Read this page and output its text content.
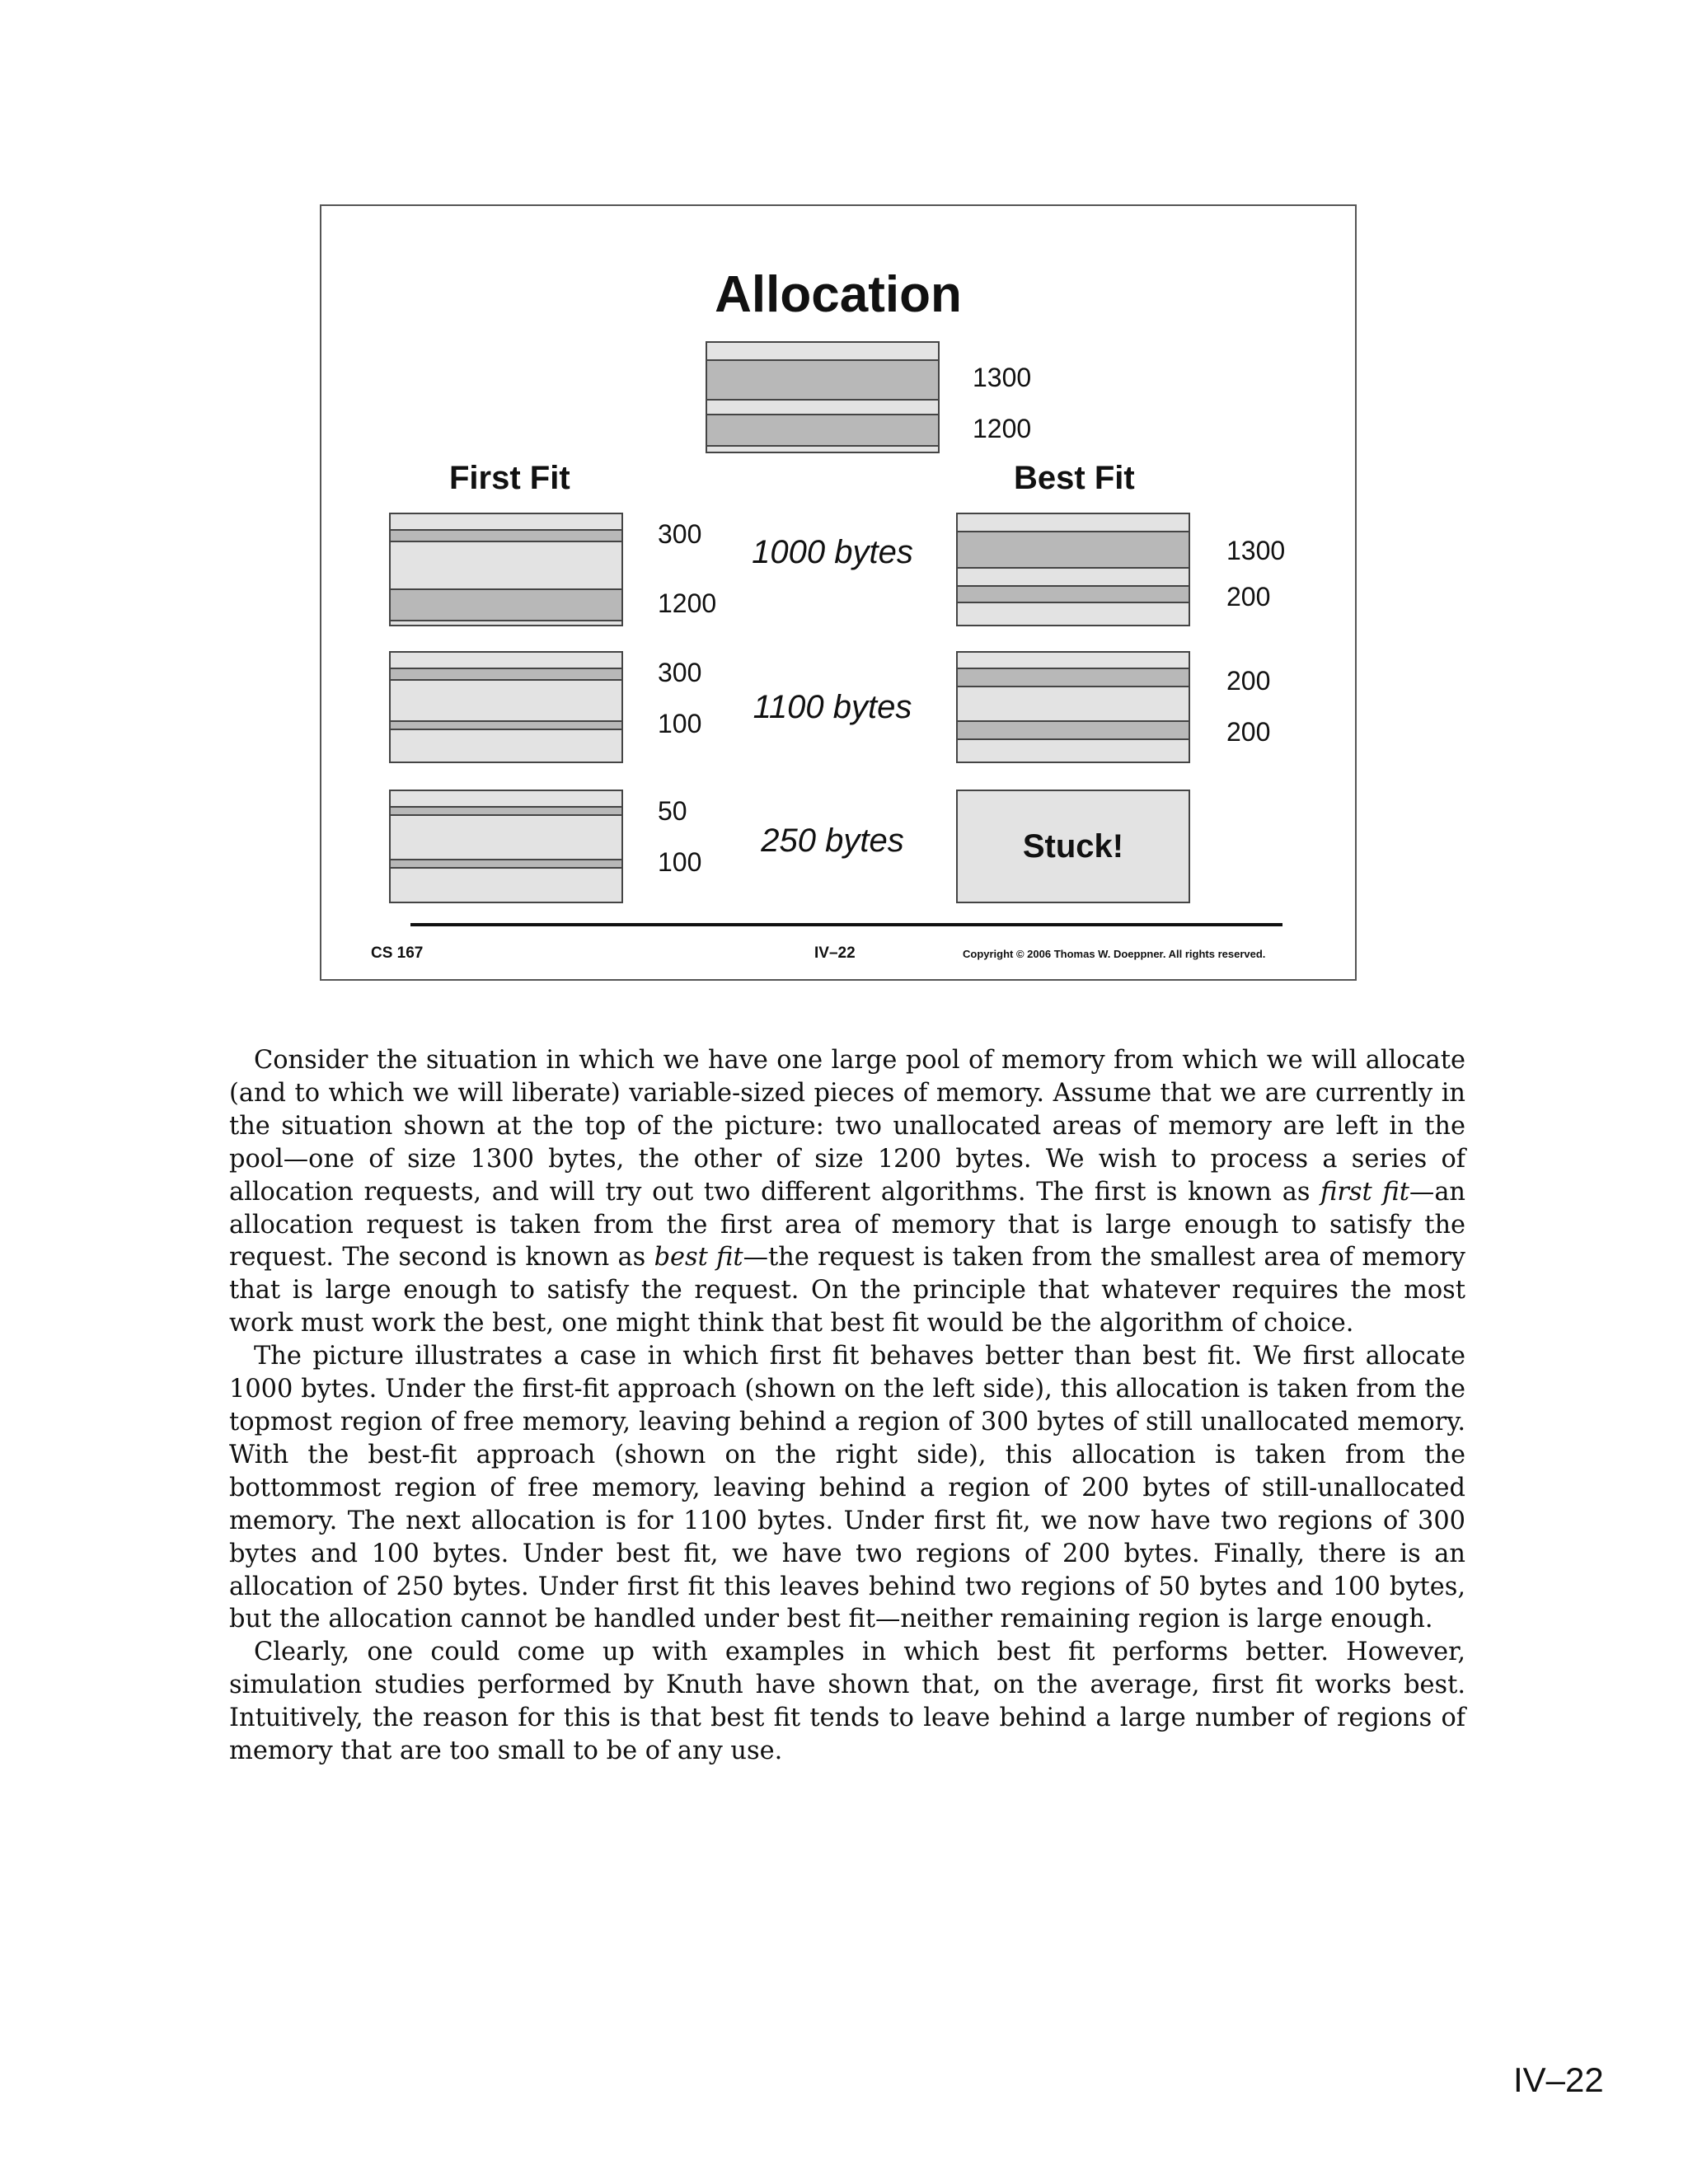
Allocation
1300
1200
First Fit	Best Fit
300
1200
1000 bytes	1300
200
300
100	1100 bytes
200
200
50
100
250 bytes	Stuck!
CS 167	IV–22	Copyright © 2006 Thomas W. Doeppner. All rights reserved.

Consider the situation in which we have one large pool of memory from which we will allocate (and to which we will liberate) variable-sized pieces of memory. Assume that we are currently in the situation shown at the top of the picture: two unallocated areas of memory are left in the pool—one of size 1300 bytes, the other of size 1200 bytes. We wish to process a series of allocation requests, and will try out two different algorithms. The first is known as first fit—an allocation request is taken from the first area of memory that is large enough to satisfy the request. The second is known as best fit—the request is taken from the smallest area of memory that is large enough to satisfy the request. On the principle that whatever requires the most work must work the best, one might think that best fit would be the algorithm of choice.

The picture illustrates a case in which first fit behaves better than best fit. We first allocate 1000 bytes. Under the first-fit approach (shown on the left side), this allocation is taken from the topmost region of free memory, leaving behind a region of 300 bytes of still unallocated memory. With the best-fit approach (shown on the right side), this allocation is taken from the bottommost region of free memory, leaving behind a region of 200 bytes of still-unallocated memory. The next allocation is for 1100 bytes. Under first fit, we now have two regions of 300 bytes and 100 bytes. Under best fit, we have two regions of 200 bytes. Finally, there is an allocation of 250 bytes. Under first fit this leaves behind two regions of 50 bytes and 100 bytes, but the allocation cannot be handled under best fit—neither remaining region is large enough.

Clearly, one could come up with examples in which best fit performs better. However, simulation studies performed by Knuth have shown that, on the average, first fit works best. Intuitively, the reason for this is that best fit tends to leave behind a large number of regions of memory that are too small to be of any use.

IV–22
